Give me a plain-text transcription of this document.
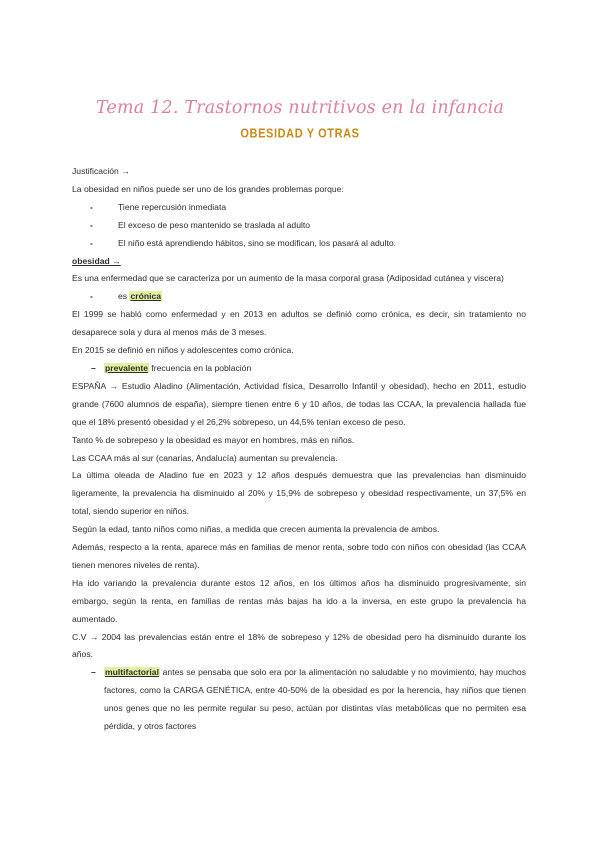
Tema 12. Trastornos nutritivos en la infancia
OBESIDAD Y OTRAS

Justificación →

La obesidad en niños puede ser uno de los grandes problemas porque:

-	Tiene repercusión inmediata

-	El exceso de peso mantenido se traslada al adulto

-	El niño está aprendiendo hábitos, sino se modifican, los pasará al adulto.

obesidad →

Es una enfermedad que se caracteriza por un aumento de la masa corporal grasa (Adiposidad cutánea y viscera)

-	es crónica

El 1999 se habló como enfermedad y en 2013 en adultos se definió como crónica, es decir, sin tratamiento no desaparece sola y dura al menos más de 3 meses.

En 2015 se definió en niños y adolescentes como crónica.

– prevalente frecuencia en la población

ESPAÑA → Estudio Aladino (Alimentación, Actividad física, Desarrollo Infantil y obesidad), hecho en 2011, estudio grande (7600 alumnos de españa), siempre tienen entre 6 y 10 años, de todas las CCAA, la prevalencia hallada fue que el 18% presentó obesidad y el 26,2% sobrepeso, un 44,5% tenían exceso de peso.

Tanto % de sobrepeso y la obesidad es mayor en hombres, más en niños.

Las CCAA más al sur (canarias, Andalucía) aumentan su prevalencia.

La última oleada de Aladino fue en 2023 y 12 años después demuestra que las prevalencias han disminuido ligeramente, la prevalencia ha disminuido al 20% y 15,9% de sobrepeso y obesidad respectivamente, un 37,5% en total, siendo superior en niños.

Según la edad, tanto niños como niñas, a medida que crecen aumenta la prevalencia de ambos.

Además, respecto a la renta, aparece más en familias de menor renta, sobre todo con niños con obesidad (las CCAA tienen menores niveles de renta).

Ha ido variando la prevalencia durante estos 12 años, en los últimos años ha disminuido progresivamente, sin embargo, según la renta, en familias de rentas más bajas ha ido a la inversa, en este grupo la prevalencia ha aumentado.

C.V → 2004 las prevalencias están entre el 18% de sobrepeso y 12% de obesidad pero ha disminuido durante los años.

– multifactorial antes se pensaba que solo era por la alimentación no saludable y no movimiento, hay muchos factores, como la CARGA GENÉTICA, entre 40-50% de la obesidad es por la herencia, hay niños que tienen unos genes que no les permite regular su peso, actúan por distintas vías metabólicas que no permiten esa pérdida, y otros factores
